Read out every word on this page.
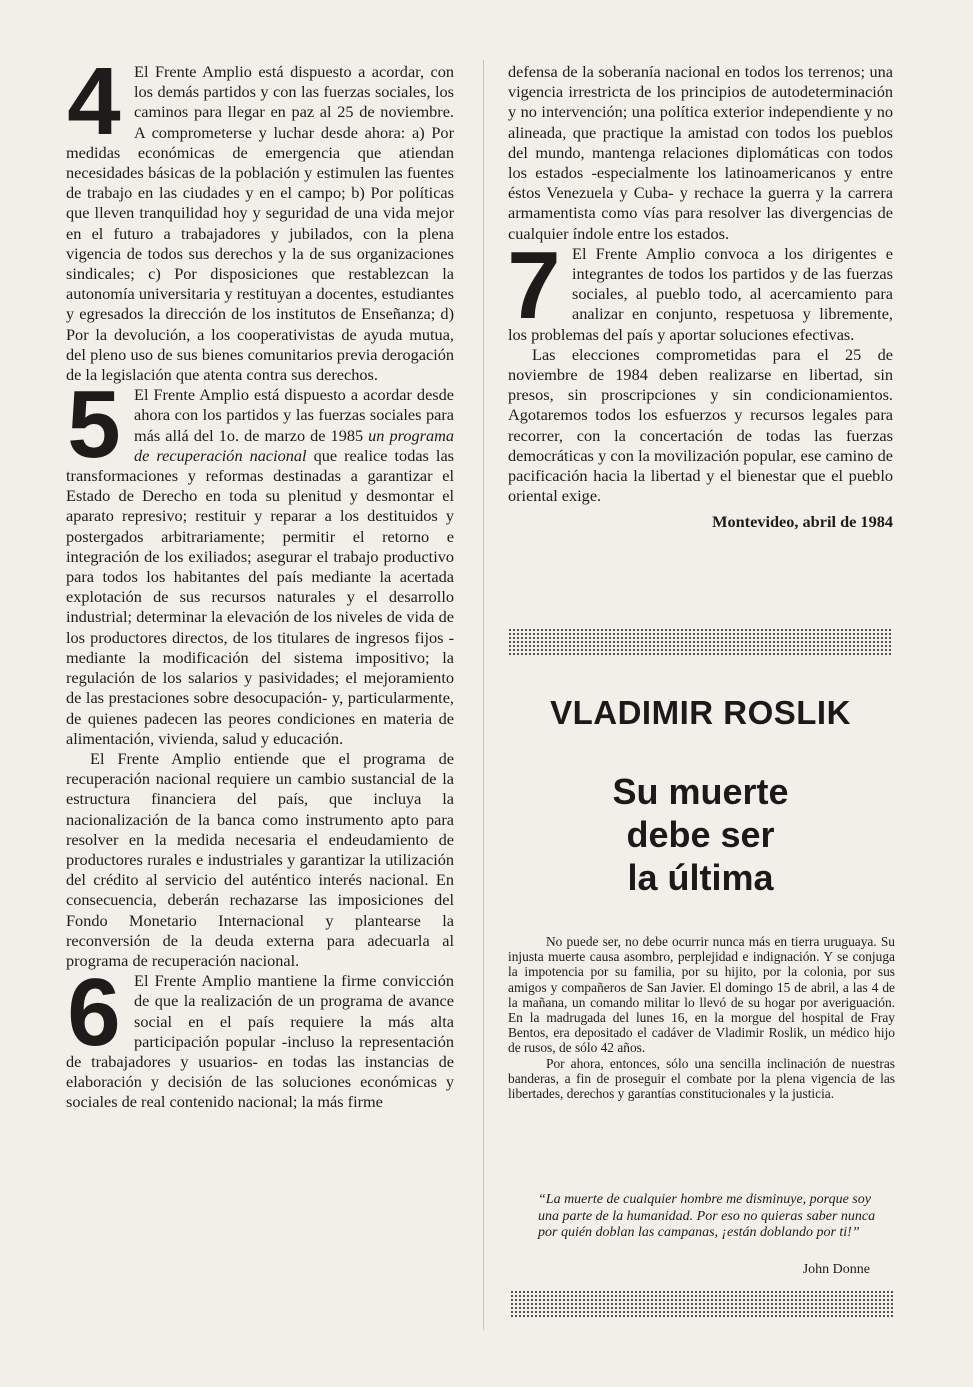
4 El Frente Amplio está dispuesto a acordar, con los demás partidos y con las fuerzas sociales, los caminos para llegar en paz al 25 de noviembre. A comprometerse y luchar desde ahora: a) Por medidas económicas de emergencia que atiendan necesidades básicas de la población y estimulen las fuentes de trabajo en las ciudades y en el campo; b) Por políticas que lleven tranquilidad hoy y seguridad de una vida mejor en el futuro a trabajadores y jubilados, con la plena vigencia de todos sus derechos y la de sus organizaciones sindicales; c) Por disposiciones que restablezcan la autonomía universitaria y restituyan a docentes, estudiantes y egresados la dirección de los institutos de Enseñanza; d) Por la devolución, a los cooperativistas de ayuda mutua, del pleno uso de sus bienes comunitarios previa derogación de la legislación que atenta contra sus derechos.

5 El Frente Amplio está dispuesto a acordar desde ahora con los partidos y las fuerzas sociales para más allá del 1o. de marzo de 1985 un programa de recuperación nacional que realice todas las transformaciones y reformas destinadas a garantizar el Estado de Derecho en toda su plenitud y desmontar el aparato represivo; restituir y reparar a los destituidos y postergados arbitrariamente; permitir el retorno e integración de los exiliados; asegurar el trabajo productivo para todos los habitantes del país mediante la acertada explotación de sus recursos naturales y el desarrollo industrial; determinar la elevación de los niveles de vida de los productores directos, de los titulares de ingresos fijos -mediante la modificación del sistema impositivo; la regulación de los salarios y pasividades; el mejoramiento de las prestaciones sobre desocupación- y, particularmente, de quienes padecen las peores condiciones en materia de alimentación, vivienda, salud y educación.

El Frente Amplio entiende que el programa de recuperación nacional requiere un cambio sustancial de la estructura financiera del país, que incluya la nacionalización de la banca como instrumento apto para resolver en la medida necesaria el endeudamiento de productores rurales e industriales y garantizar la utilización del crédito al servicio del auténtico interés nacional. En consecuencia, deberán rechazarse las imposiciones del Fondo Monetario Internacional y plantearse la reconversión de la deuda externa para adecuarla al programa de recuperación nacional.

6 El Frente Amplio mantiene la firme convicción de que la realización de un programa de avance social en el país requiere la más alta participación popular -incluso la representación de trabajadores y usuarios- en todas las instancias de elaboración y decisión de las soluciones económicas y sociales de real contenido nacional; la más firme

defensa de la soberanía nacional en todos los terrenos; una vigencia irrestricta de los principios de autodeterminación y no intervención; una política exterior independiente y no alineada, que practique la amistad con todos los pueblos del mundo, mantenga relaciones diplomáticas con todos los estados -especialmente los latinoamericanos y entre éstos Venezuela y Cuba- y rechace la guerra y la carrera armamentista como vías para resolver las divergencias de cualquier índole entre los estados.

7 El Frente Amplio convoca a los dirigentes e integrantes de todos los partidos y de las fuerzas sociales, al pueblo todo, al acercamiento para analizar en conjunto, respetuosa y libremente, los problemas del país y aportar soluciones efectivas.

Las elecciones comprometidas para el 25 de noviembre de 1984 deben realizarse en libertad, sin presos, sin proscripciones y sin condicionamientos. Agotaremos todos los esfuerzos y recursos legales para recorrer, con la concertación de todas las fuerzas democráticas y con la movilización popular, ese camino de pacificación hacia la libertad y el bienestar que el pueblo oriental exige.

Montevideo, abril de 1984
VLADIMIR ROSLIK
Su muerte
debe ser
la última

No puede ser, no debe ocurrir nunca más en tierra uruguaya. Su injusta muerte causa asombro, perplejidad e indignación. Y se conjuga la impotencia por su familia, por su hijito, por la colonia, por sus amigos y compañeros de San Javier. El domingo 15 de abril, a las 4 de la mañana, un comando militar lo llevó de su hogar por averiguación. En la madrugada del lunes 16, en la morgue del hospital de Fray Bentos, era depositado el cadáver de Vladimir Roslik, un médico hijo de rusos, de sólo 42 años.

Por ahora, entonces, sólo una sencilla inclinación de nuestras banderas, a fin de proseguir el combate por la plena vigencia de las libertades, derechos y garantías constitucionales y la justicia.

“La muerte de cualquier hombre me disminuye, porque soy una parte de la humanidad. Por eso no quieras saber nunca por quién doblan las campanas, ¡están doblando por ti!”
John Donne
